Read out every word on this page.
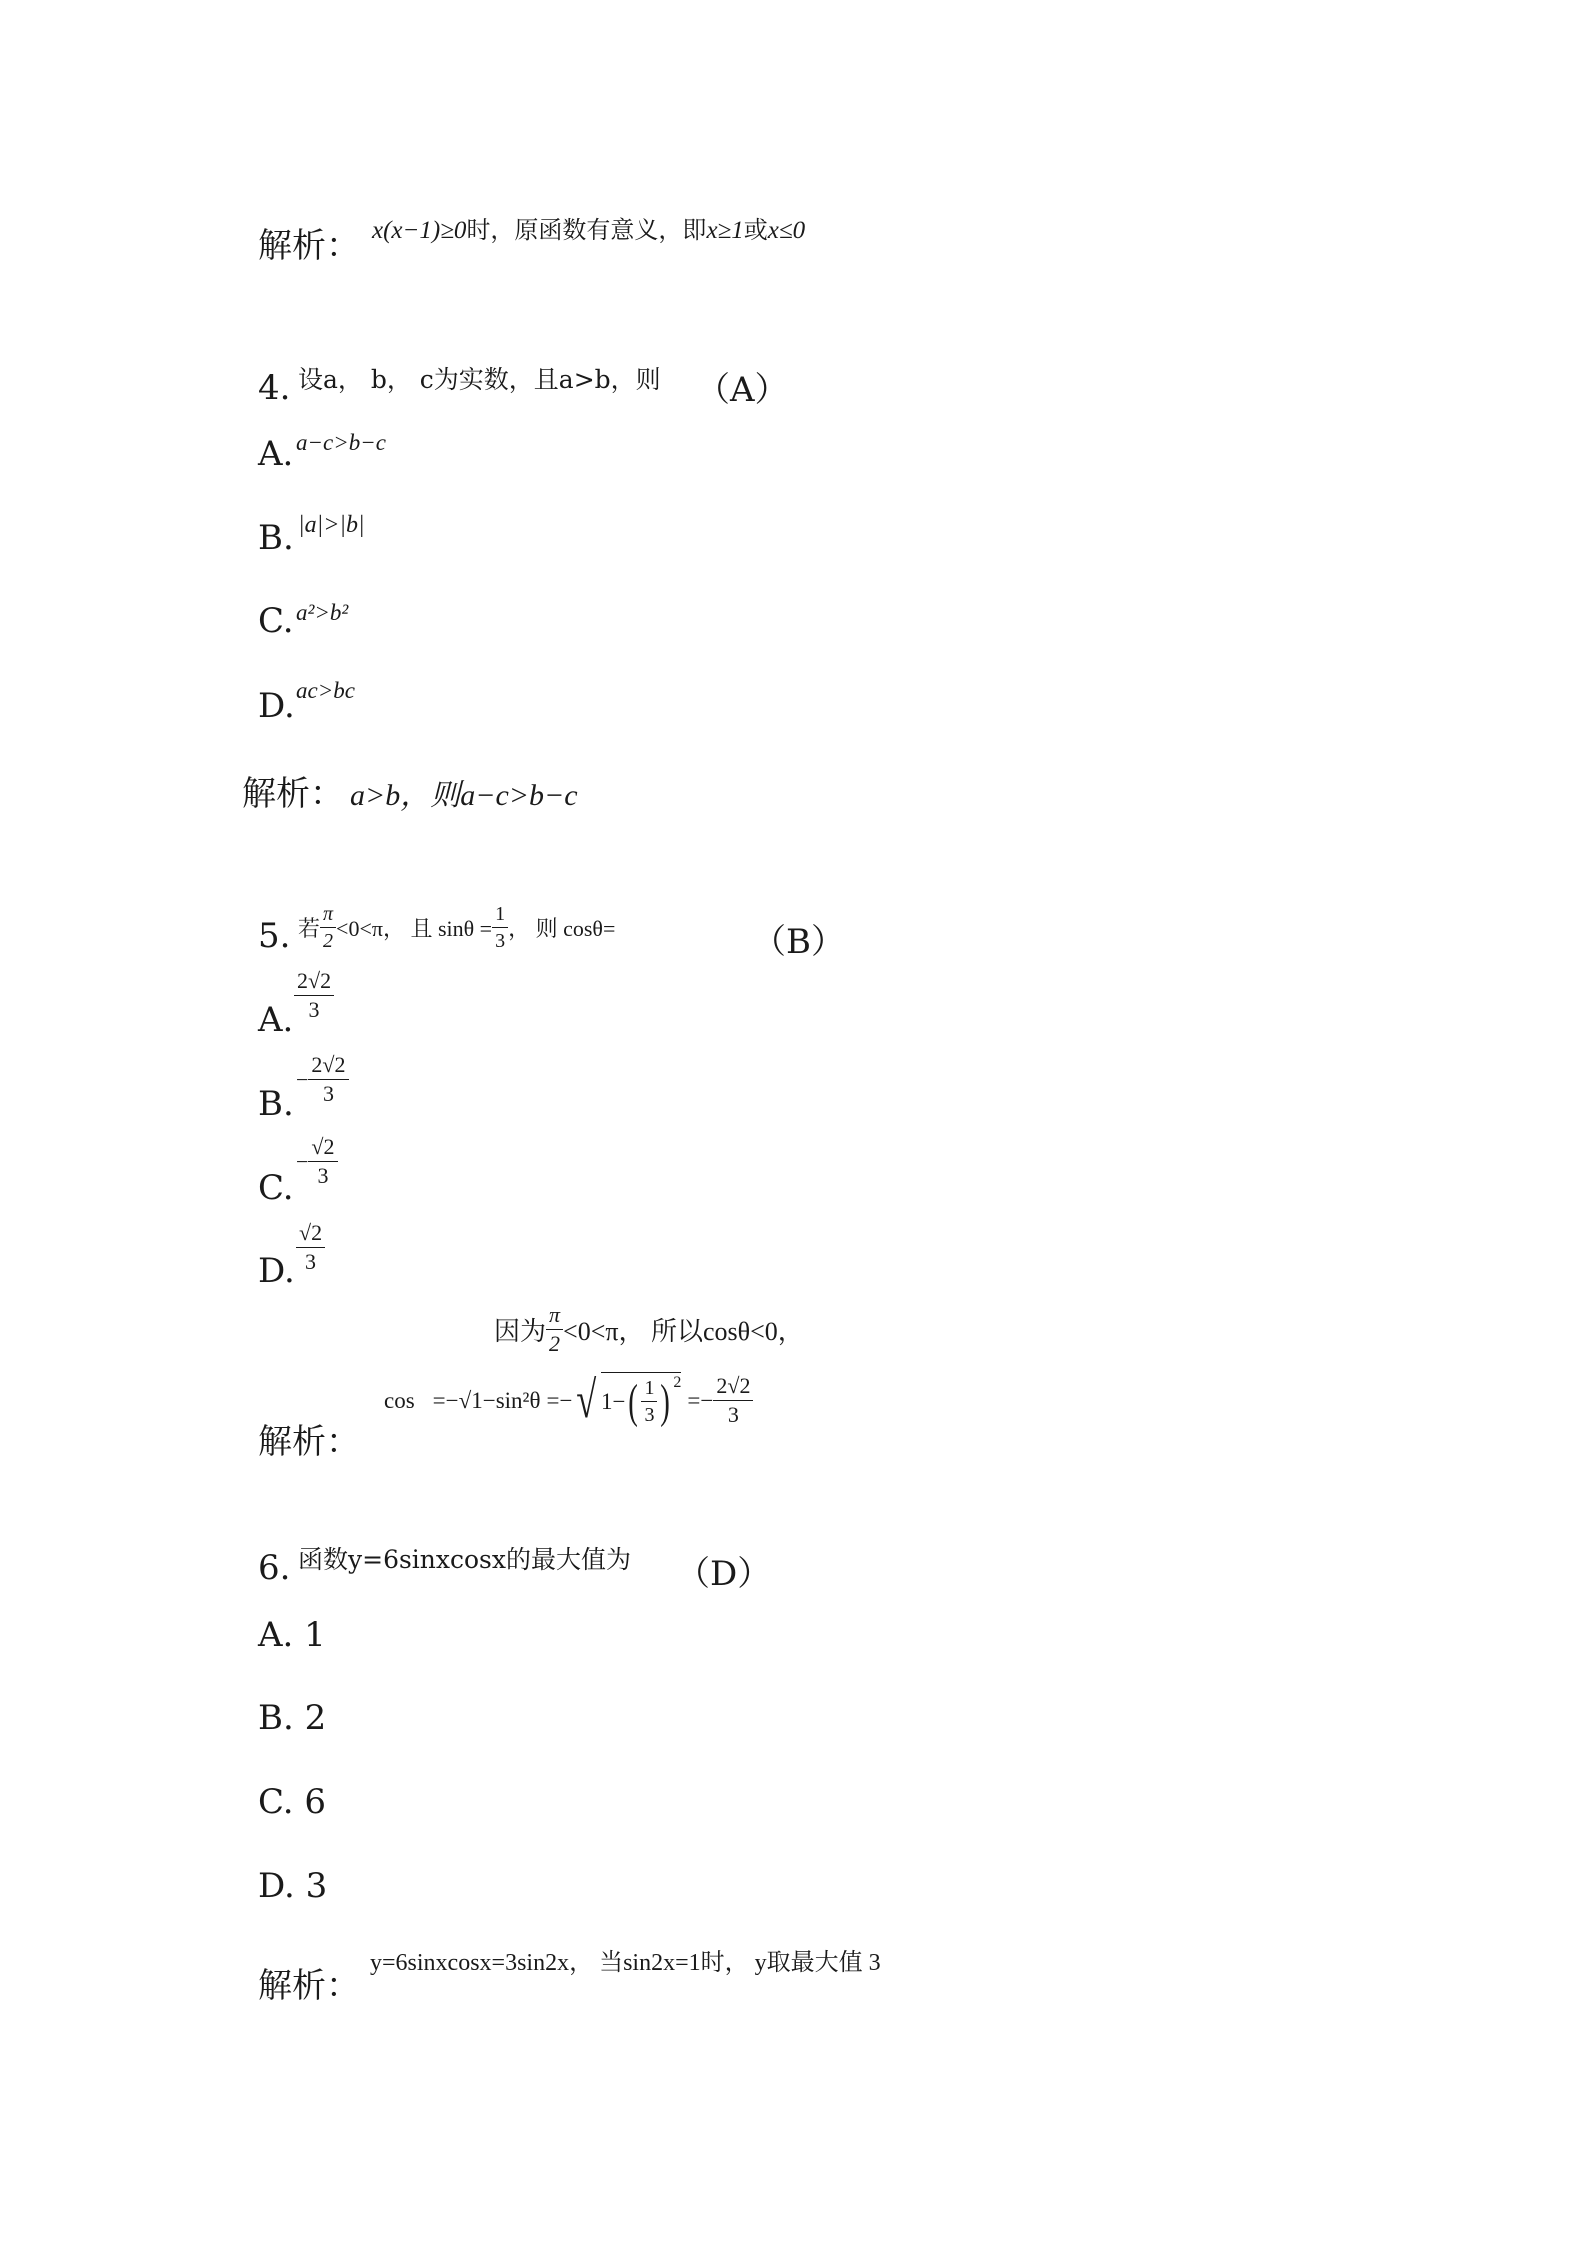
解析： x(x−1)≥0时，原函数有意义，即x≥1或x≤0
4. 设a， b， c为实数，且a>b，则 （A）
A. a−c>b−c
B. |a|>|b|
C. a²>b²
D. ac>bc
解析： a>b，则a−c>b−c
5. 若 $\frac{\pi}{2} <0<\pi$， 且 $\sin\theta = \frac{1}{3}$ ， 则 cosθ=	（B）
A. $\frac{2√2}{3}$
B.
− $\frac{2√2}{3}$
C.
− $\frac{√2}{3}$
D. $\frac{√2}{3}$
因为 $\frac{\pi}{2} <0<\pi$， 所以cosθ<0，
解析：
cos =−√1−sin²θ =− √ 1− ( $\frac{1}{3} )^2$
=− $\frac{2√2}{3}$
6. 函数y=6sinxcosx的最大值为 （D）
A. 1
B. 2
C. 6
D. 3
解析：
y=6sinxcosx=3sin2x， 当sin2x=1时， y取最大值 3
